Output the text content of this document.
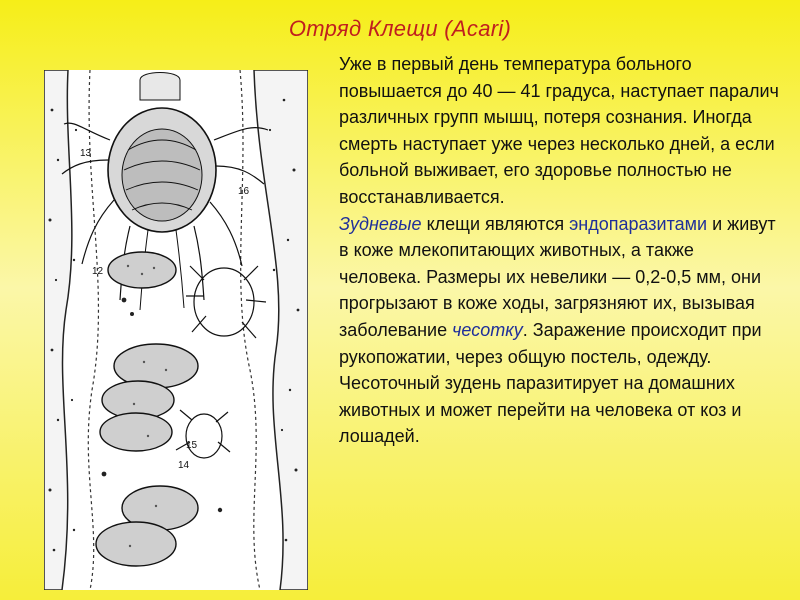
Отряд Клещи (Acari)
13
16
12
15
14

Уже в первый день температура больного повышается до 40 — 41 градуса, наступает паралич различных групп мышц, потеря сознания. Иногда смерть наступает уже через несколько дней, а если больной выживает, его здоровье полностью не восстанавливается.

Зудневые клещи являются эндопаразитами и живут в коже млекопитающих животных, а также человека. Размеры их невелики — 0,2-0,5 мм, они прогрызают в коже ходы, загрязняют их, вызывая заболевание чесотку. Заражение происходит при рукопожатии, через общую постель, одежду. Чесоточный зудень паразитирует на домашних животных и может перейти на человека от коз и лошадей.
